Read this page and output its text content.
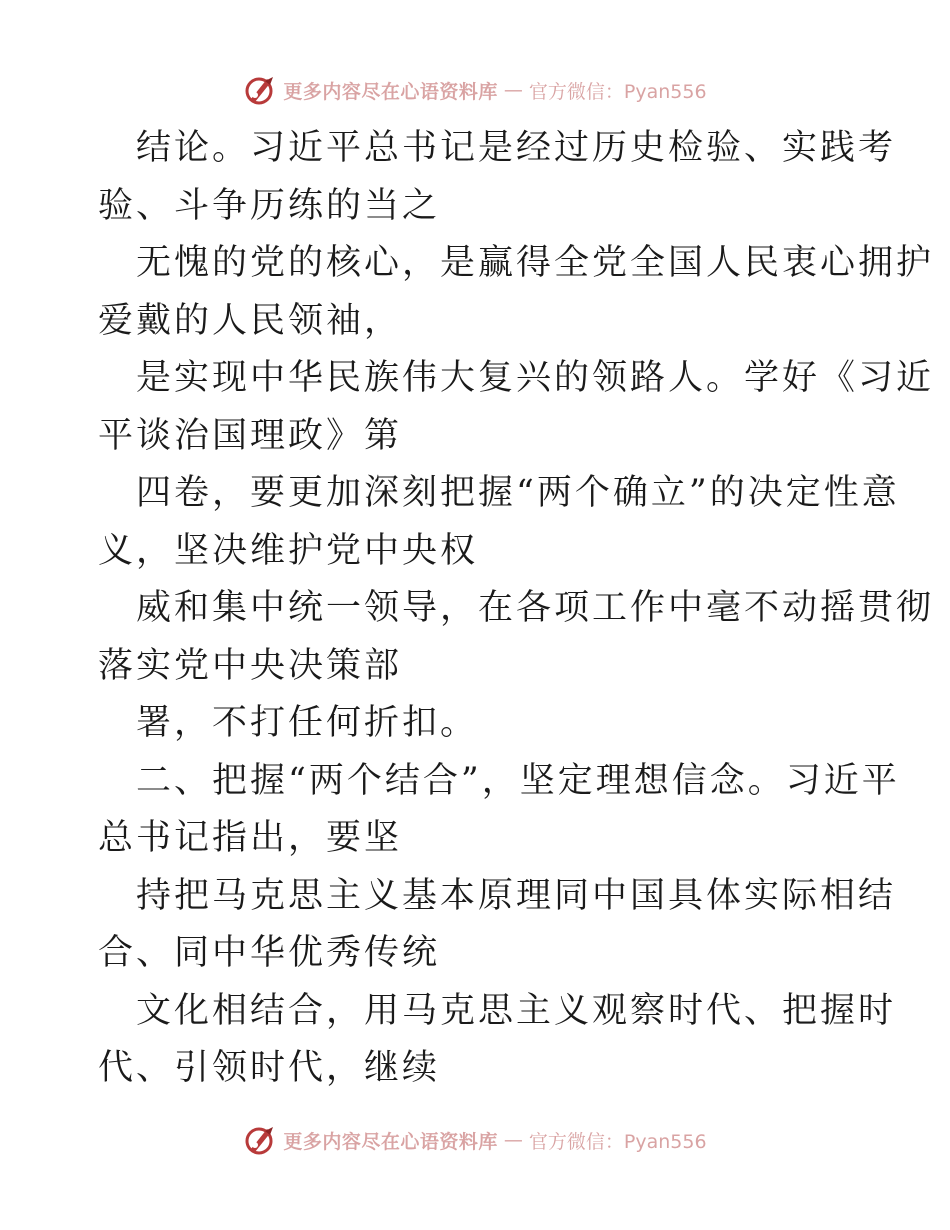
更多内容尽在心语资料库 — 官方微信：Pyan556
结论。习近平总书记是经过历史检验、实践考
验、斗争历练的当之
无愧的党的核心，是赢得全党全国人民衷心拥护
爱戴的人民领袖，
是实现中华民族伟大复兴的领路人。学好《习近
平谈治国理政》第
四卷，要更加深刻把握“两个确立”的决定性意
义，坚决维护党中央权
威和集中统一领导，在各项工作中毫不动摇贯彻
落实党中央决策部
署，不打任何折扣。
二、把握“两个结合”，坚定理想信念。习近平
总书记指出，要坚
持把马克思主义基本原理同中国具体实际相结
合、同中华优秀传统
文化相结合，用马克思主义观察时代、把握时
代、引领时代，继续
更多内容尽在心语资料库 — 官方微信：Pyan556
